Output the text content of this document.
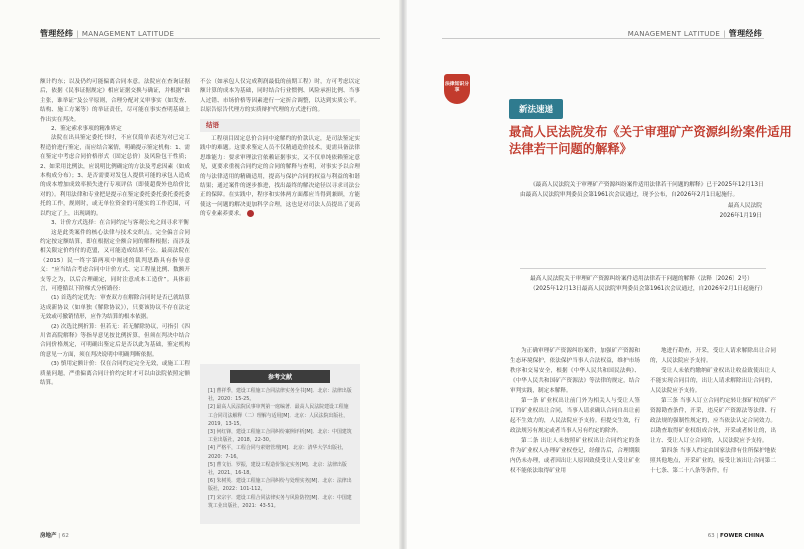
管理经纬 | MANAGEMENT LATITUDE

额计约东；以及仍约可能偏离合同本意。法院应在查询证据后，依据《民事证据规定》相应证据交换与确证，并根据“谁主张，谁举证”及公平原则，合理分配对义审事实（如发查、结构、施工方案等）的举证责任，尽可能在事实查明基础上作出实在判决。

2、鉴定索求事项的精准界定

法院在出具鉴定委托书时，不应仅简单表述为对已完工程造价进行鉴定，而应结合案情，明确提示鉴定机构：1、需在鉴定中考虑合同价格形式（固定总价）及风险包干性质；2、如采用比例法，应说明比例确定的方法及考虑因素（如成本构成分布）；3、是否需要对发包人提供可能的承包人造成的成本增加成效率损失进行专项评估（即使超费外也给价比对的）。利用法律和专业把是提示在鉴定委托委托委托委托委托的工作，规则时，或无单位资金的可能实的工作范围，可以约定了上，出现调的。

3、计价方式选择：在合同约定与客观公允之间寻求平衡

这是此类案件的核心法律与技术交织点。完全偏言合同约定按定额结算，即在根据定全额合同的解释根据；而涉及相关限定价约付的范盟，又可能造成结果不公。最高法院在（2015）民一终字第两项中阐述的裁判思路具有指导意义：“应当结合考虑合同中计价方式、完工程量比例、数额开支等之为，以后合理确定，同时注意成本工造价”。具体而言，可遵循以下阶梯式分析路径：

(1) 首选约定优先：审查双方在解除合同时是否已就结算达成新协议（如单独《解除协议》），只要该协议不存在法定无效或可撤销情形，应作为结算的根本依据。

(2) 次选比例折算：但若无：若无解除协议，可指引《四川省高院解释》等指导意见按比例折算，但须在判决中结合合同价格规定，可明确出鉴定后是否以此为基础，鉴定机构的意见一方面，须在判决说明中明确判断依据。

(3) 慎用定额计价：仅在合同约定完全无效，或施工工程质量问题，严重偏离合同计价约定时才可以由法院依照定额结算。

不公（如承包人仅完成利润最低的前期工程）时，方可考虑以定额计算的成本为基础，同时结合行业惯例、风险承担比例、当事人过错、市场价格等因素进行一定折合调整，以达到实质公平。以原告原告代理方的实质辩护代理的方式进行的。

结语

工程项目固定总价合同中途解约的价款认定，是司法鉴定实践中的难题。这要求鉴定人员不仅精通造价技术，更需具备法律思维能力：要求审理法官依赖证据事实，又不仅单纯依赖鉴定意见，更要求重视合同约定的合同的解释与查明，对事实予以合理的与法律适用的精确适用，提高与保护合同的权益与利益的和谐结果；通过案件的逐步推进，找出最终的解决途径以寻求司法公正的保障。在实践中，程序和实体两方面都应当得到兼顾，方能使这一问题的解决更加科学合理，这也是对司法人员提出了更高的专业素养要求。

参考文献
[1] 曹祥季，建设工程施工合同法律实务全书[M]．北京：法律出版社，2020：15-25。
[2] 最高人民法院民事审判第一庭编著．最高人民法院建设工程施工合同司法解释（二）理解与适用[M]．北京：人民法院出版社，2019，13-15。
[3] 何红锋，建设工程施工合同纠纷案例评析[M]．北京：中国建筑工业出版社，2018，22-30。
[4] 严格平，工程合同与索赔管理[M]．北京：清华大学出版社，2020：7-16。
[5] 曹文衍．罗振，建设工程造价鉴定实务[M]．北京：法律出版社，2021，16-18。
[6] 朱树英．建设工程施工合同纠纷与处理实务[M]．北京：法律出版社，2022：101-112。
[7] 宋宗宇．建设工程合同法律实务与风险防控[M]．北京：中国建筑工业出版社，2021：43-51。
房地产 | 62
MANAGEMENT LATITUDE | 管理经纬
法律知识分享
新法速递
最高人民法院发布《关于审理矿产资源纠纷案件适用法律若干问题的解释》

《最高人民法院关于审理矿产资源纠纷案件适用法律若干问题的解释》已于2025年12月13日由最高人民法院审判委员会第1961次会议通过，现予公布，自2026年2月1日起施行。

最高人民法院
2026年1月19日

最高人民法院关于审理矿产资源纠纷案件适用法律若干问题的解释（法释〔2026〕2号）

（2025年12月13日最高人民法院审判委员会第1961次会议通过，自2026年2月1日起施行）

为正确审理矿产资源纠纷案件，加强矿产资源和生态环境保护，依法保护当事人合法权益，维护市场秩序和交易安全，根据《中华人民共和国民法典》、《中华人民共和国矿产资源法》等法律的规定，结合审判实践，制定本解释。

第一条 矿业权出让前门外为相关人与受让人签订的矿业权出让合同，当事人请求确认合同自出让前起不生效力的，人民法院应予支持。但提交生效，行政法规另有规定或者当事人另有约定的除外。

第二条 出让人未按照矿业权出让合同约定的条件为矿业权人办理矿业权登记，经催告后，合理期限内仍未办理，或者因出让人原因致使受让人受让矿业权不能依法取得矿业用

地进行勘查，开采，受让人请求解除出让合同的，人民法院应予支持。

受让人未依约缴纳矿业权出让收益致使出让人不能实现合同目的，出让人请求解除出让合同的，人民法院应予支持。

第三条 当事人订立合同约定转让探矿权的矿产资源勘查条件，开采，违反矿产资源法等法律、行政法规的强制性规定的，应当依法认定合同效力。以勘查取得矿业权组成合伙，开采或者转让的，出让方、受让人订立合同的，人民法院应予支持。

第四条 当事人约定由国家法律有住所保护地依照其他地点，开采矿业的，接受让该出让合同第二十七条、第二十八条等条件，行

63 | FOWER CHINA
